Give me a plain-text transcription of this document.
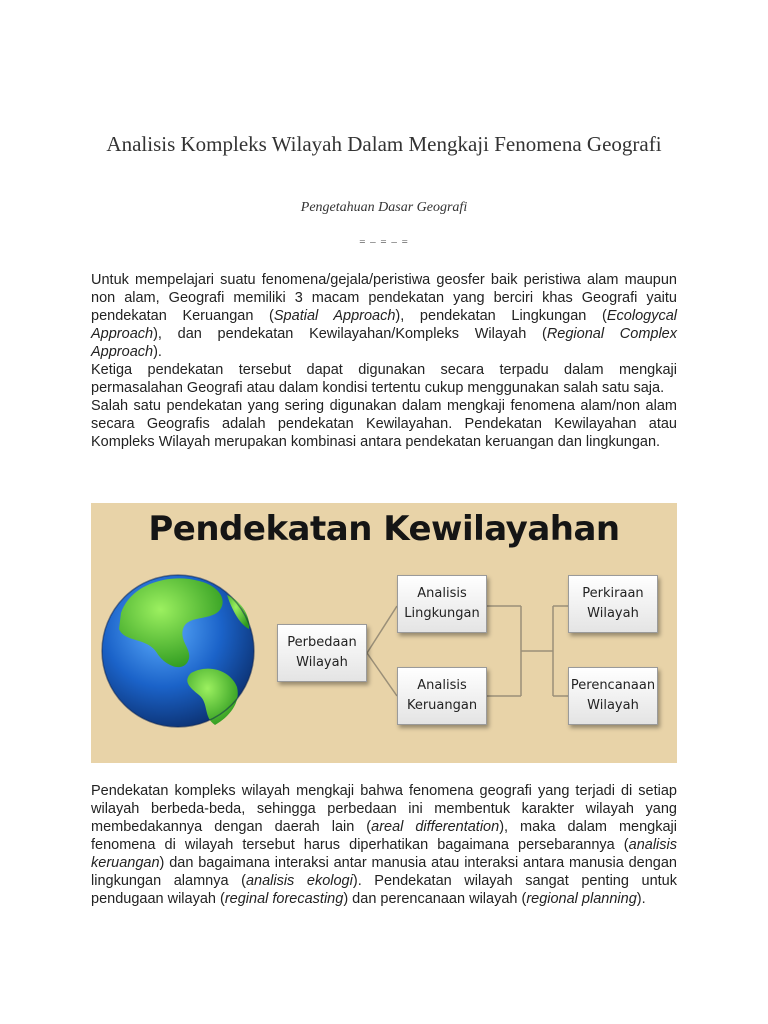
Analisis Kompleks Wilayah Dalam Mengkaji Fenomena Geografi
Pengetahuan Dasar Geografi
= – = – =

Untuk mempelajari suatu fenomena/gejala/peristiwa geosfer baik peristiwa alam maupun non alam, Geografi memiliki 3 macam pendekatan yang berciri khas Geografi yaitu pendekatan Keruangan (Spatial Approach), pendekatan Lingkungan (Ecologycal Approach), dan pendekatan Kewilayahan/Kompleks Wilayah (Regional Complex Approach).

Ketiga pendekatan tersebut dapat digunakan secara terpadu dalam mengkaji permasalahan Geografi atau dalam kondisi tertentu cukup menggunakan salah satu saja.

Salah satu pendekatan yang sering digunakan dalam mengkaji fenomena alam/non alam secara Geografis adalah pendekatan Kewilayahan. Pendekatan Kewilayahan atau Kompleks Wilayah merupakan kombinasi antara pendekatan keruangan dan lingkungan.

Pendekatan Kewilayahan
Perbedaan
Wilayah
Analisis
Lingkungan
Analisis
Keruangan
Perkiraan
Wilayah
Perencanaan
Wilayah

Pendekatan kompleks wilayah mengkaji bahwa fenomena geografi yang terjadi di setiap wilayah berbeda-beda, sehingga perbedaan ini membentuk karakter wilayah yang membedakannya dengan daerah lain (areal differentation), maka dalam mengkaji fenomena di wilayah tersebut harus diperhatikan bagaimana persebarannya (analisis keruangan) dan bagaimana interaksi antar manusia atau interaksi antara manusia dengan lingkungan alamnya (analisis ekologi). Pendekatan wilayah sangat penting untuk pendugaan wilayah (reginal forecasting) dan perencanaan wilayah (regional planning).
